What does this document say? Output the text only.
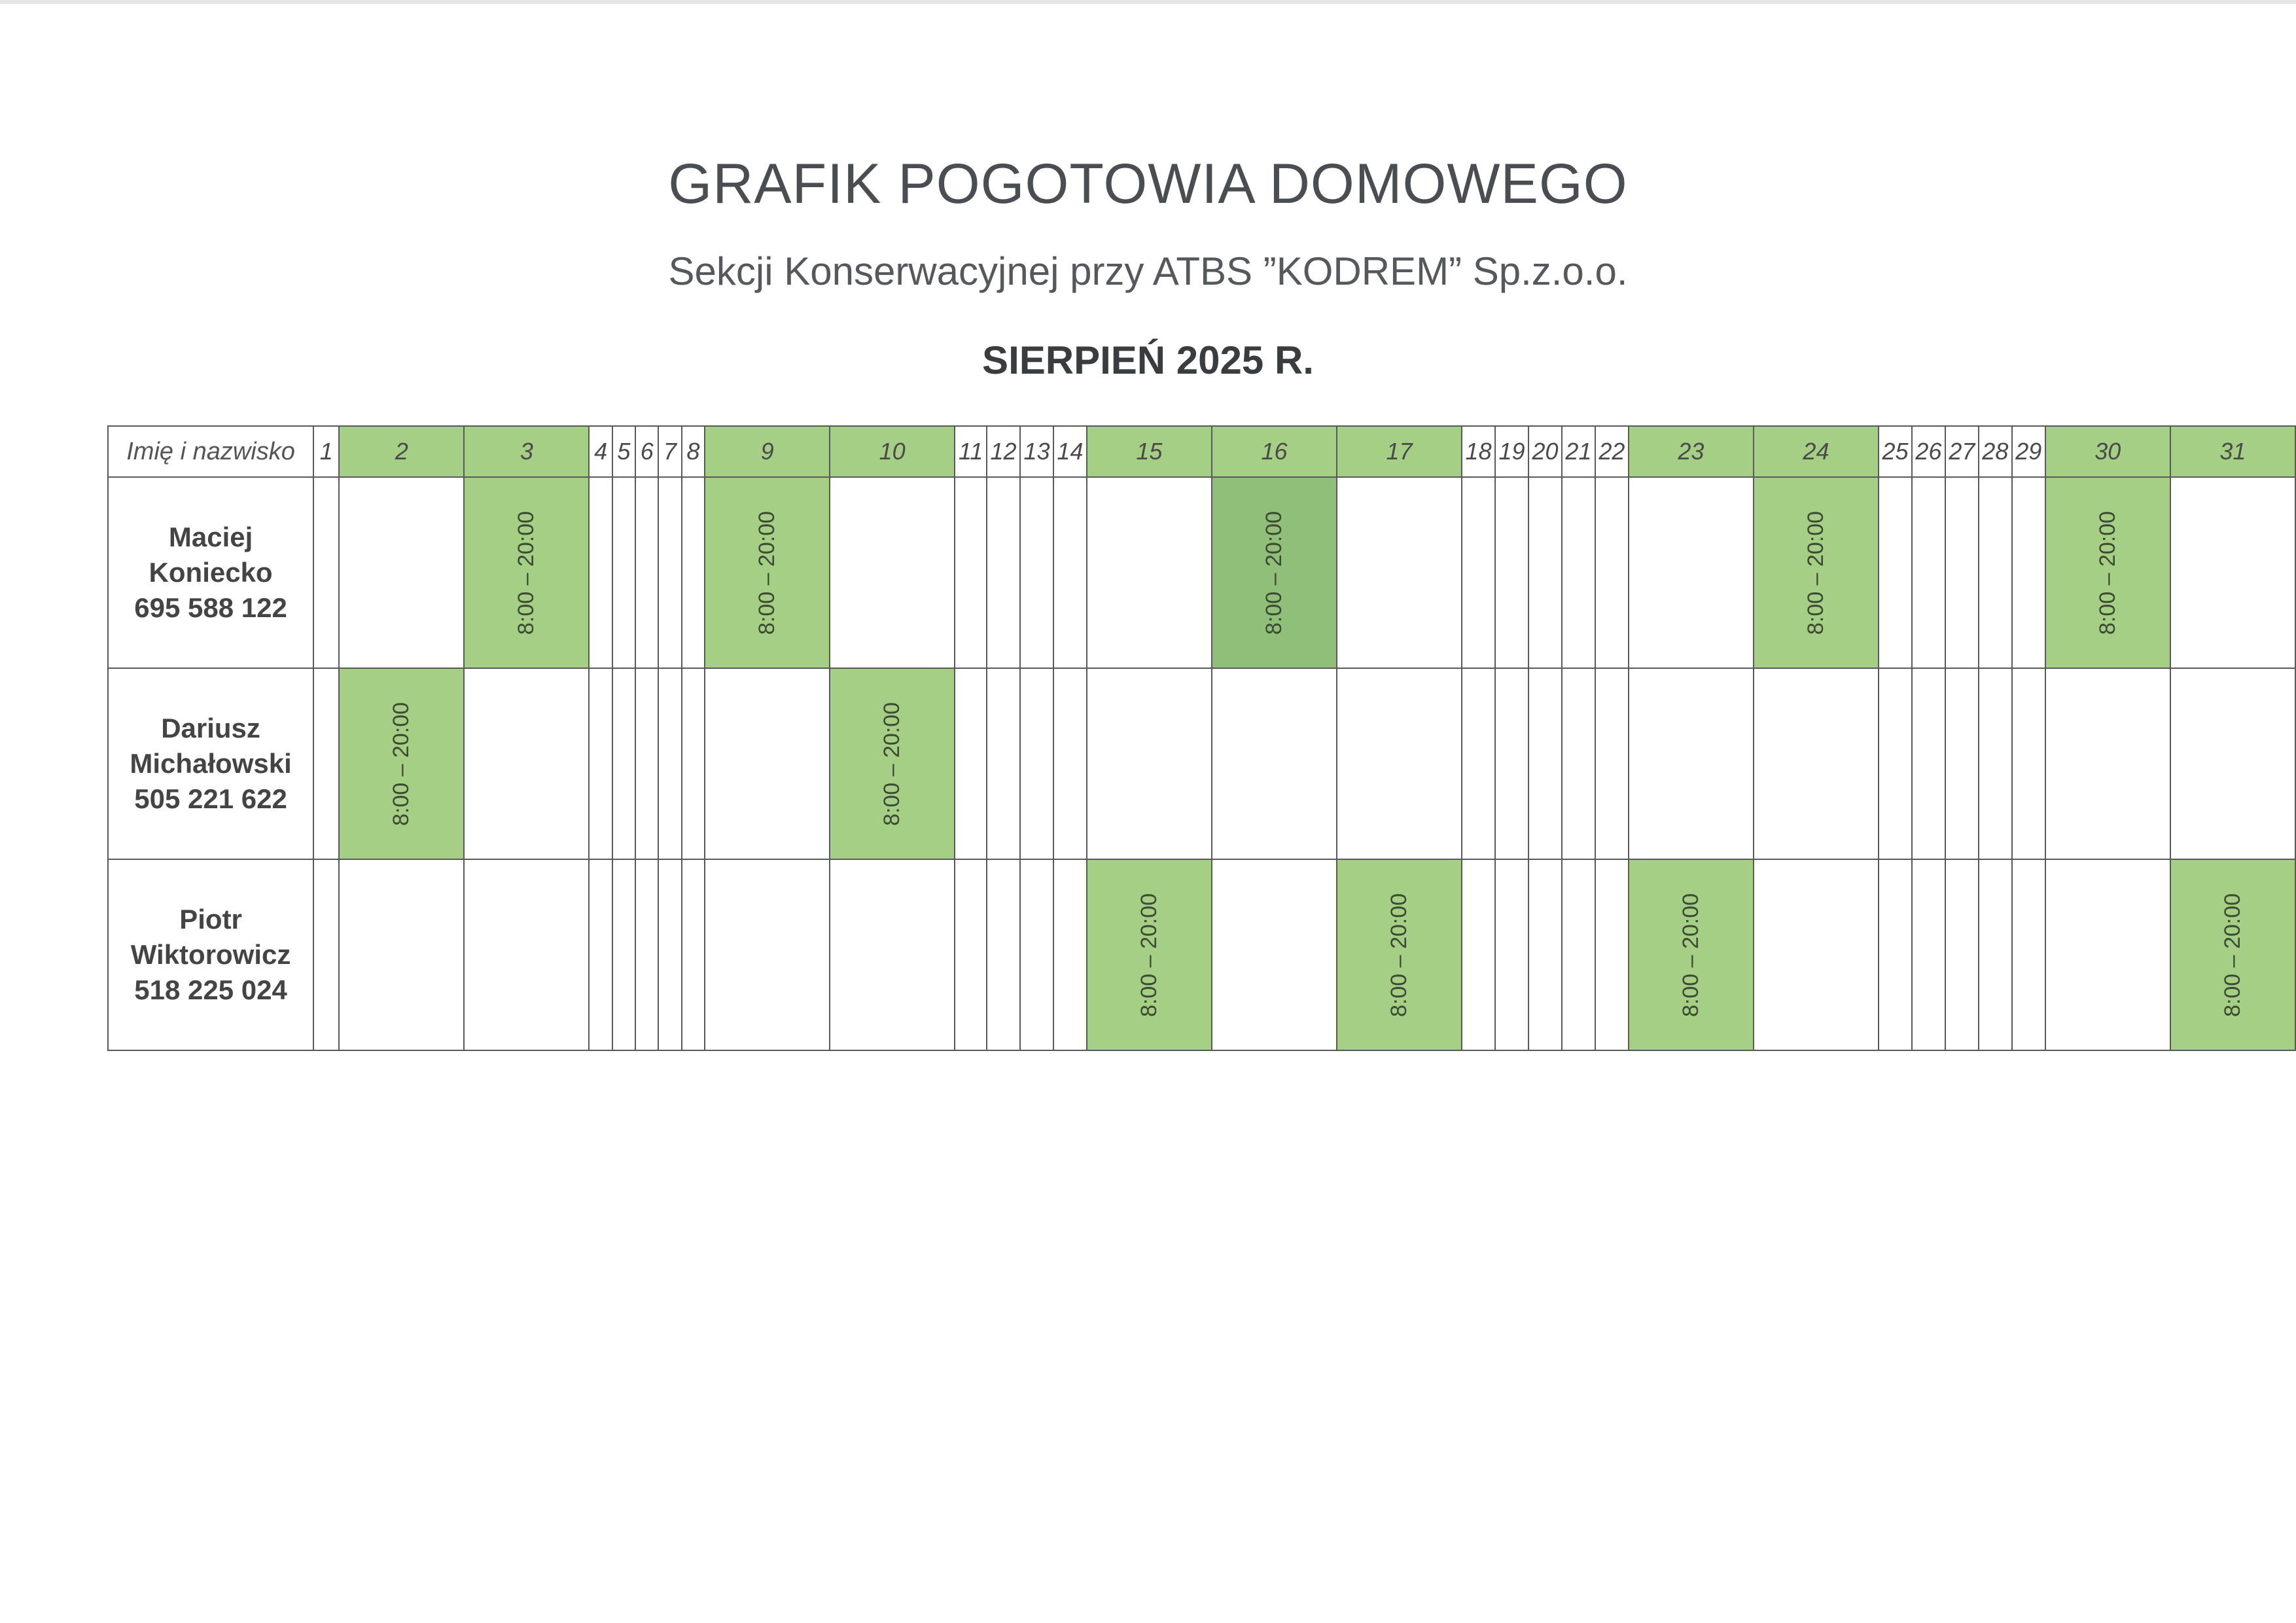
GRAFIK POGOTOWIA DOMOWEGO
Sekcji Konserwacyjnej przy ATBS ”KODREM” Sp.z.o.o.
SIERPIEŃ 2025 R.
Imię i nazwisko	1	2	3	4	5	6	7	8	9	10	11	12	13	14	15	16	17	18	19	20	21	22	23	24	25	26	27	28	29	30	31

Maciej Koniecko
695 588 122			8:00 – 20:00						8:00 – 20:00							8:00 – 20:00								8:00 – 20:00						8:00 – 20:00	

Dariusz Michałowski
505 221 622		8:00 – 20:00								8:00 – 20:00																					

Piotr Wiktorowicz
518 225 024															8:00 – 20:00		8:00 – 20:00						8:00 – 20:00								8:00 – 20:00
